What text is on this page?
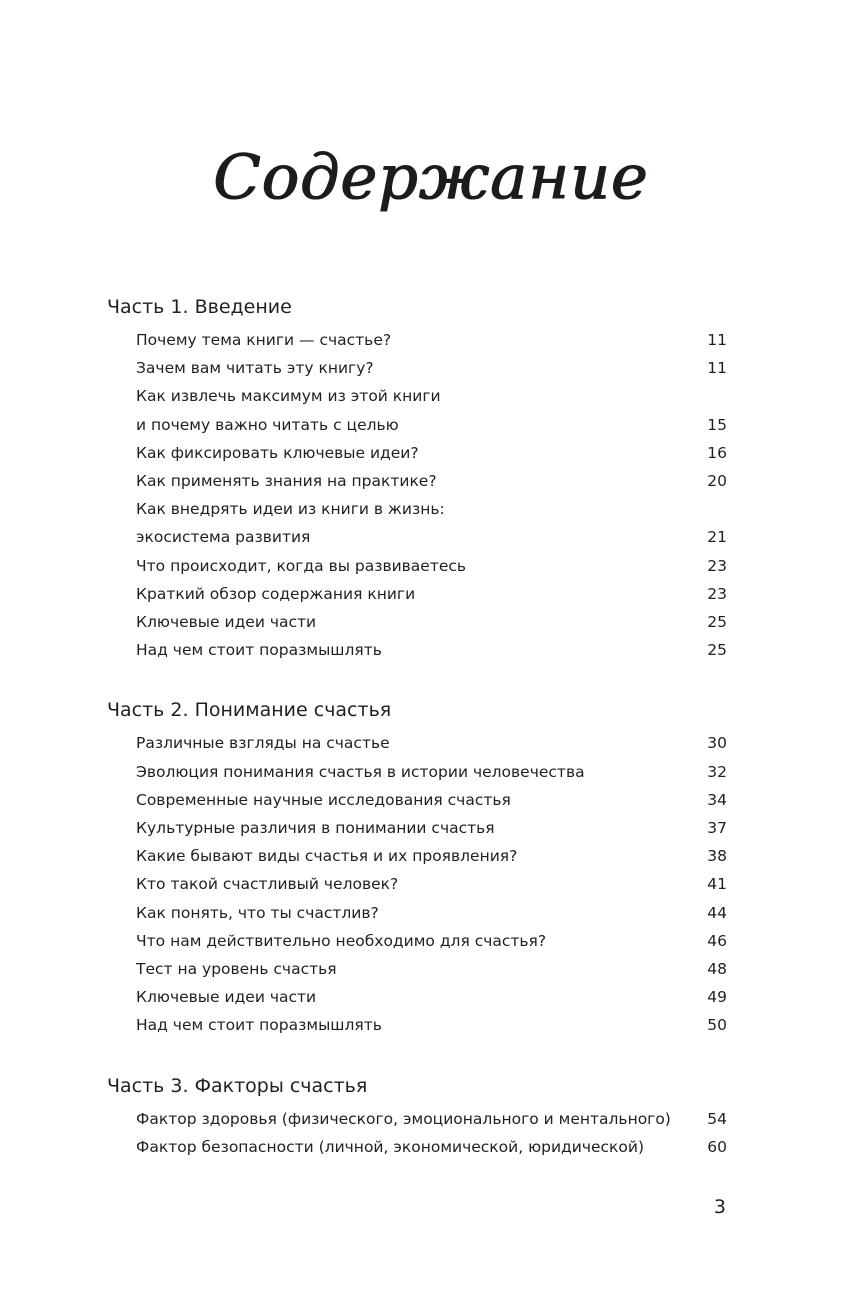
Содержание
Часть 1. Введение
Почему тема книги — счастье?	11
Зачем вам читать эту книгу?	11
Как извлечь максимум из этой книги
и почему важно читать с целью	15
Как фиксировать ключевые идеи?	16
Как применять знания на практике?	20
Как внедрять идеи из книги в жизнь:
экосистема развития	21
Что происходит, когда вы развиваетесь	23
Краткий обзор содержания книги	23
Ключевые идеи части	25
Над чем стоит поразмышлять	25
Часть 2. Понимание счастья
Различные взгляды на счастье	30
Эволюция понимания счастья в истории человечества	32
Современные научные исследования счастья	34
Культурные различия в понимании счастья	37
Какие бывают виды счастья и их проявления?	38
Кто такой счастливый человек?	41
Как понять, что ты счастлив?	44
Что нам действительно необходимо для счастья?	46
Тест на уровень счастья	48
Ключевые идеи части	49
Над чем стоит поразмышлять	50
Часть 3. Факторы счастья
Фактор здоровья (физического, эмоционального и ментального)	54
Фактор безопасности (личной, экономической, юридической)	60
3
